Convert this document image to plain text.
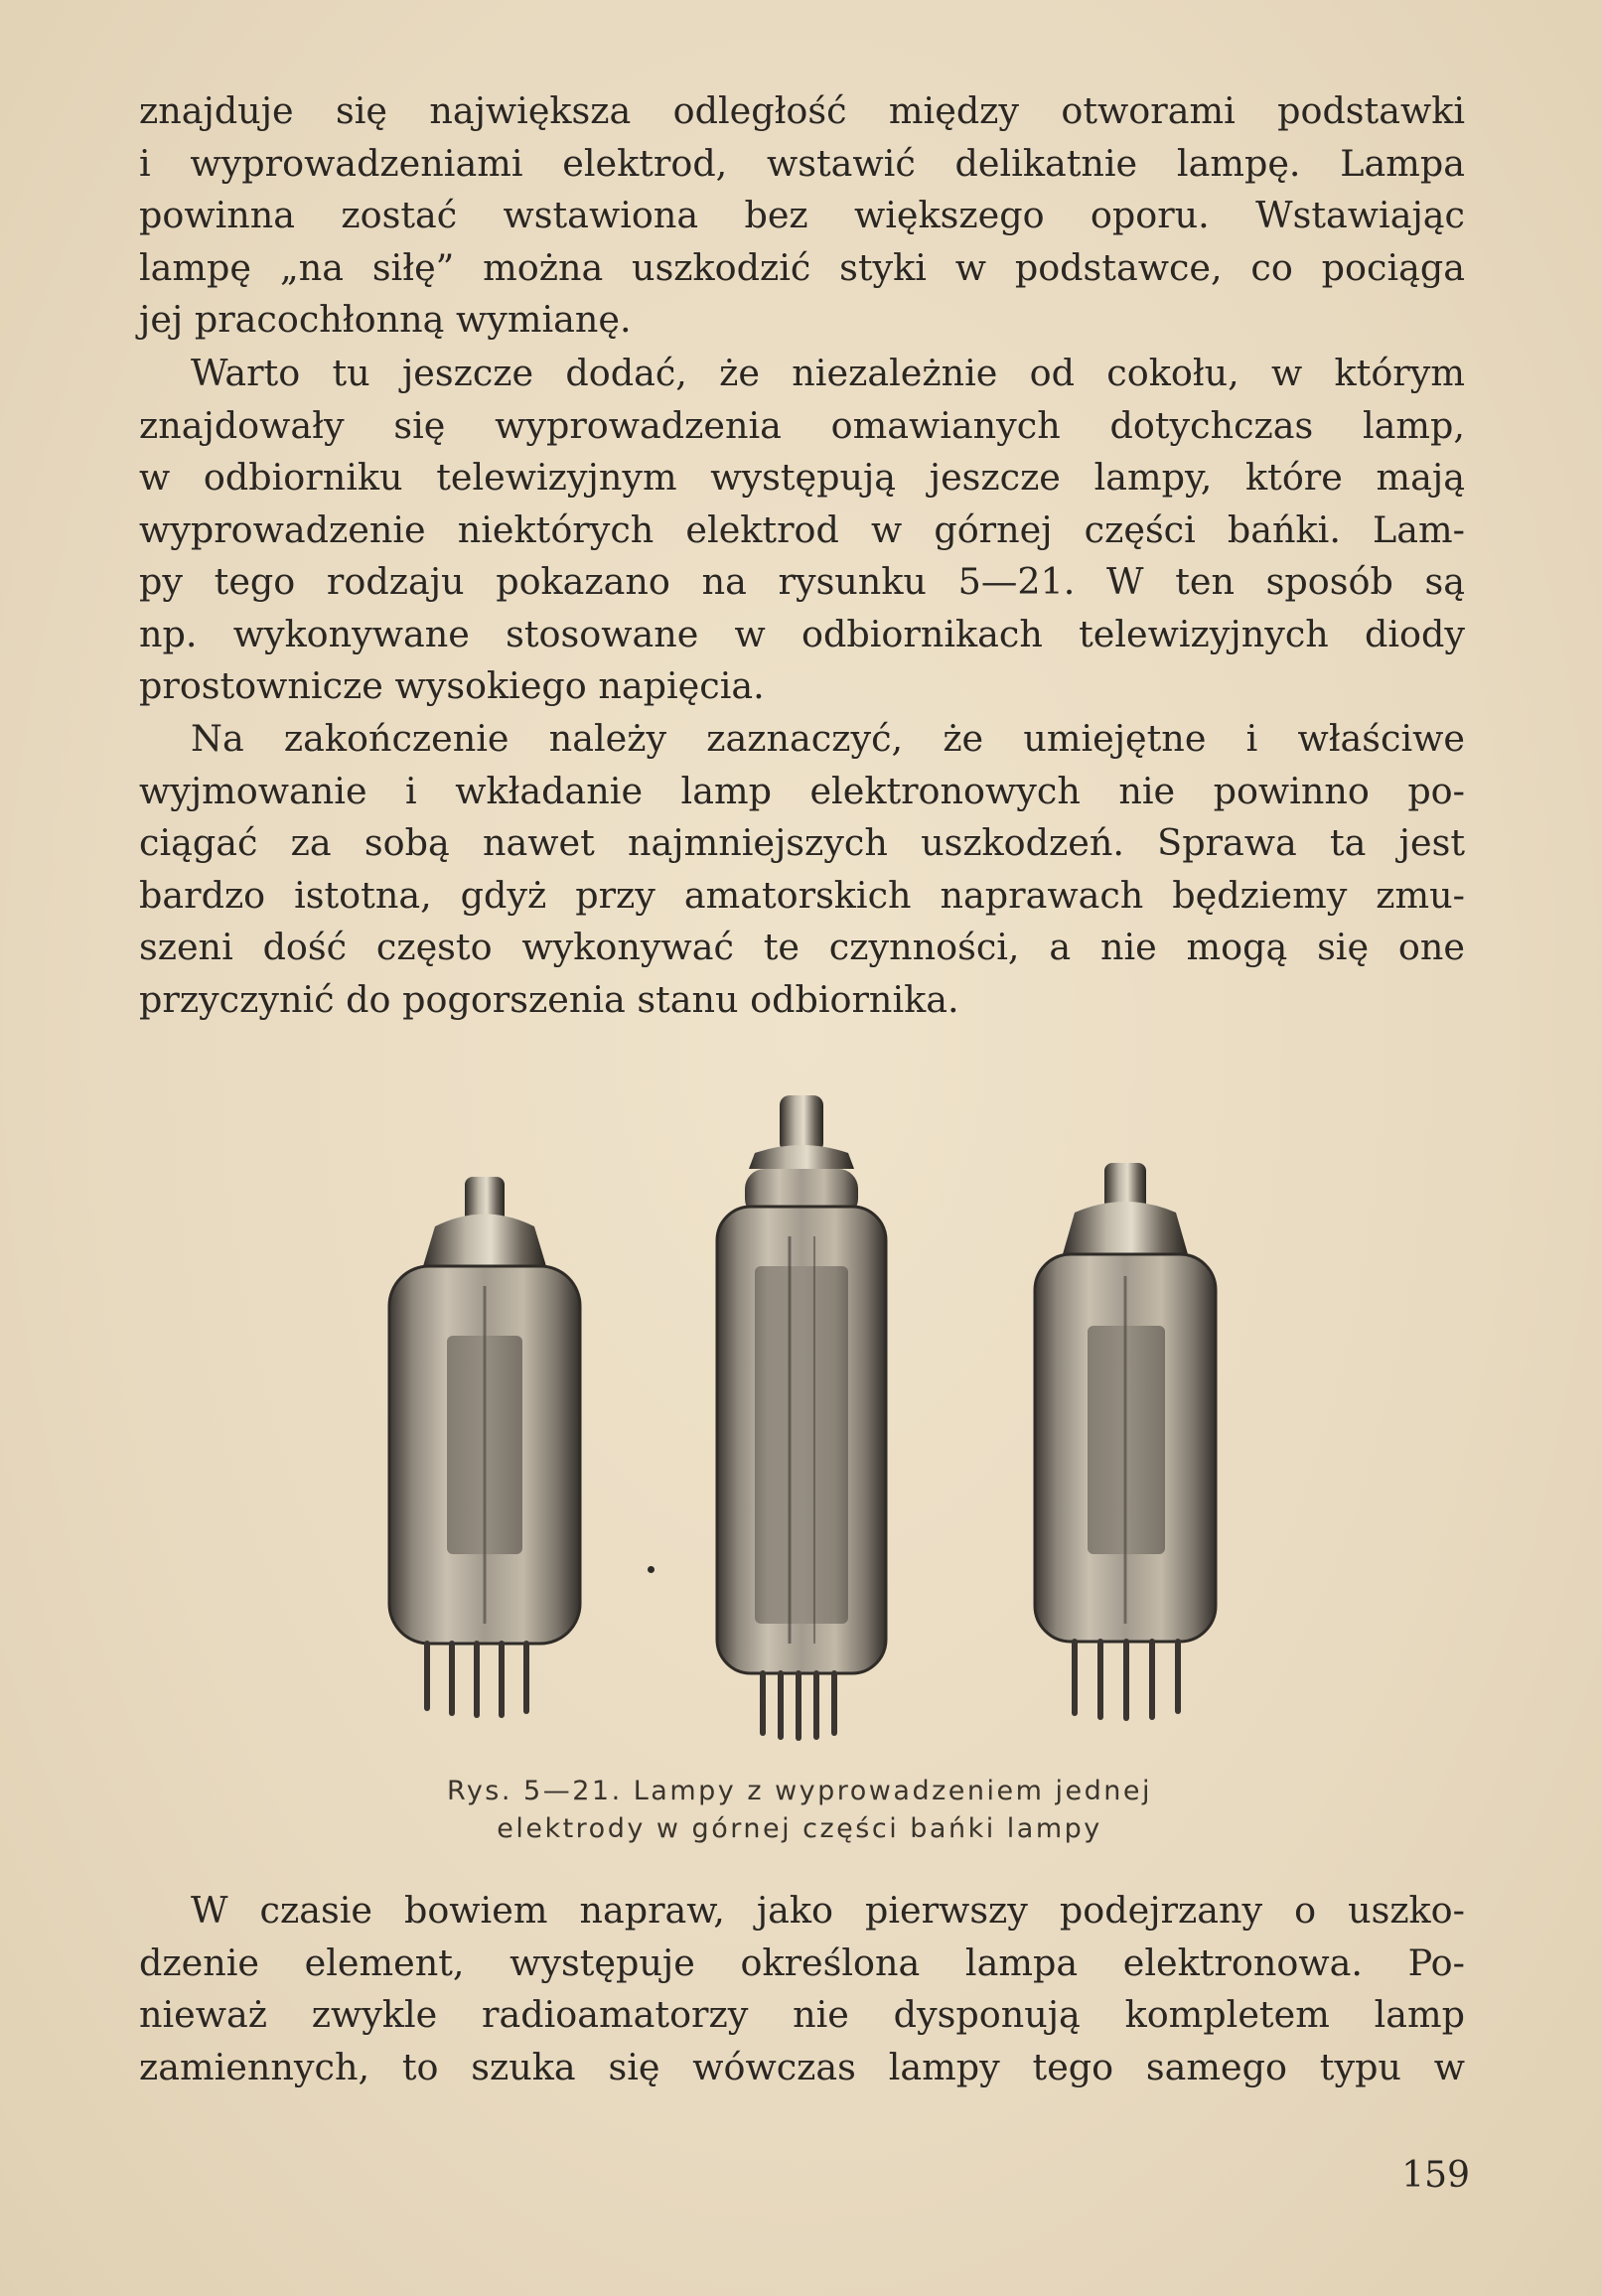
znajduje się największa odległość między otworami podstawki
i wyprowadzeniami elektrod, wstawić delikatnie lampę. Lampa
powinna zostać wstawiona bez większego oporu. Wstawiając
lampę „na siłę” można uszkodzić styki w podstawce, co pociąga
jej pracochłonną wymianę.
Warto tu jeszcze dodać, że niezależnie od cokołu, w którym
znajdowały się wyprowadzenia omawianych dotychczas lamp,
w odbiorniku telewizyjnym występują jeszcze lampy, które mają
wyprowadzenie niektórych elektrod w górnej części bańki. Lam-
py tego rodzaju pokazano na rysunku 5—21. W ten sposób są
np. wykonywane stosowane w odbiornikach telewizyjnych diody
prostownicze wysokiego napięcia.
Na zakończenie należy zaznaczyć, że umiejętne i właściwe
wyjmowanie i wkładanie lamp elektronowych nie powinno po-
ciągać za sobą nawet najmniejszych uszkodzeń. Sprawa ta jest
bardzo istotna, gdyż przy amatorskich naprawach będziemy zmu-
szeni dość często wykonywać te czynności, a nie mogą się one
przyczynić do pogorszenia stanu odbiornika.
Rys. 5—21. Lampy z wyprowadzeniem jednej
elektrody w górnej części bańki lampy
W czasie bowiem napraw, jako pierwszy podejrzany o uszko-
dzenie element, występuje określona lampa elektronowa. Po-
nieważ zwykle radioamatorzy nie dysponują kompletem lamp
zamiennych, to szuka się wówczas lampy tego samego typu w
159
